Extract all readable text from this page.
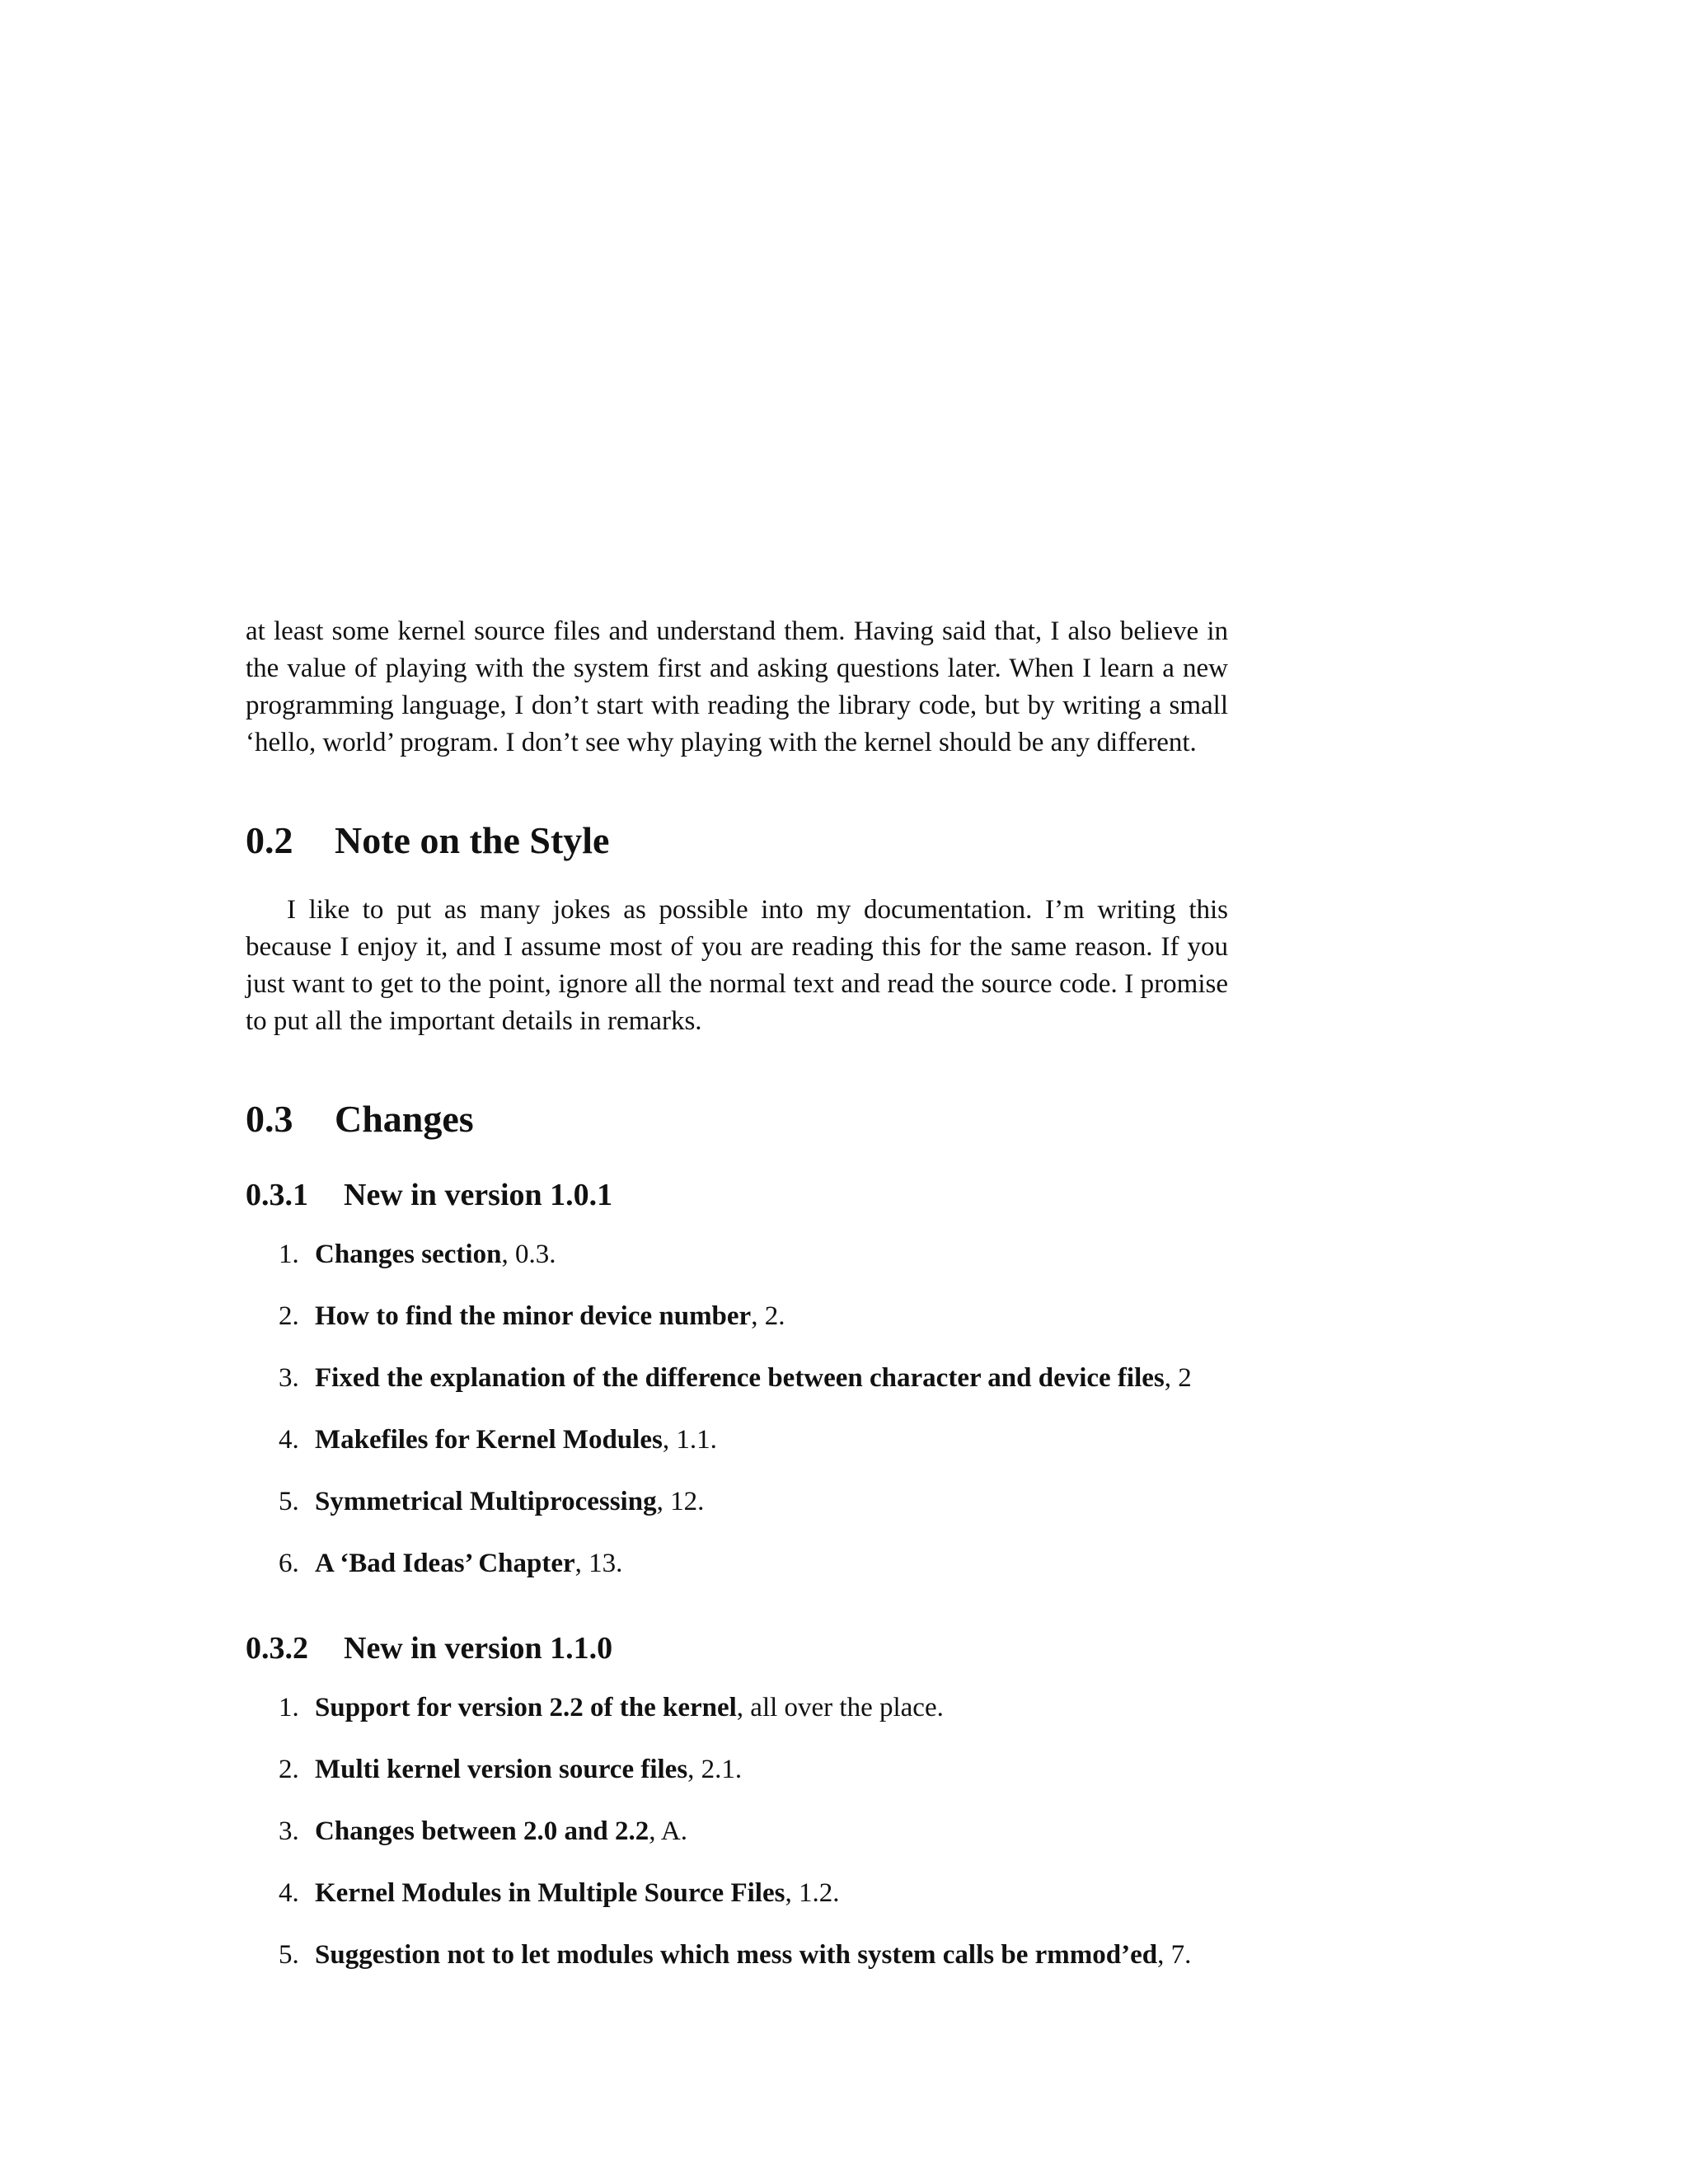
at least some kernel source files and understand them. Having said that, I also believe in the value of playing with the system first and asking questions later. When I learn a new programming language, I don’t start with reading the library code, but by writing a small ‘hello, world’ program. I don’t see why playing with the kernel should be any different.

0.2 Note on the Style

I like to put as many jokes as possible into my documentation. I’m writing this because I enjoy it, and I assume most of you are reading this for the same reason. If you just want to get to the point, ignore all the normal text and read the source code. I promise to put all the important details in remarks.

0.3 Changes
0.3.1 New in version 1.0.1
1. Changes section, 0.3.
2. How to find the minor device number, 2.
3. Fixed the explanation of the difference between character and device files, 2
4. Makefiles for Kernel Modules, 1.1.
5. Symmetrical Multiprocessing, 12.
6. A ‘Bad Ideas’ Chapter, 13.
0.3.2 New in version 1.1.0
1. Support for version 2.2 of the kernel, all over the place.
2. Multi kernel version source files, 2.1.
3. Changes between 2.0 and 2.2, A.
4. Kernel Modules in Multiple Source Files, 1.2.
5. Suggestion not to let modules which mess with system calls be rmmod’ed, 7.
